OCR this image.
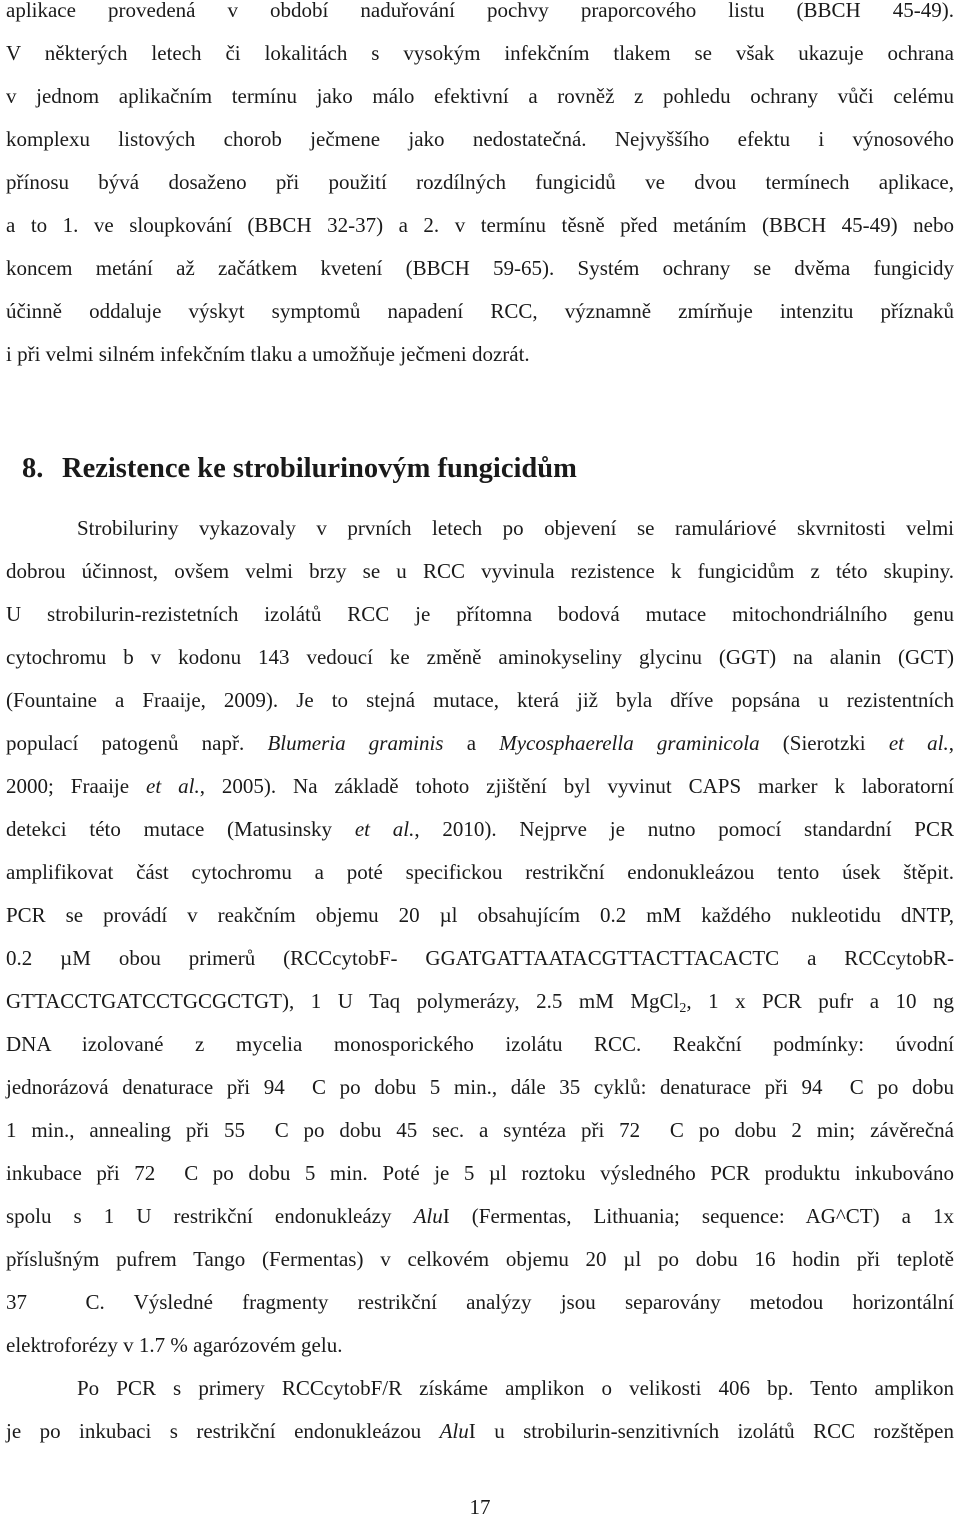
aplikace provedená v období naduřování pochvy praporcového listu (BBCH 45-49).
V některých letech či lokalitách s vysokým infekčním tlakem se však ukazuje ochrana
v jednom aplikačním termínu jako málo efektivní a rovněž z pohledu ochrany vůči celému
komplexu listových chorob ječmene jako nedostatečná. Nejvyššího efektu i výnosového
přínosu bývá dosaženo při použití rozdílných fungicidů ve dvou termínech aplikace,
a to 1. ve sloupkování (BBCH 32-37) a 2. v termínu těsně před metáním (BBCH 45-49) nebo
koncem metání až začátkem kvetení (BBCH 59-65). Systém ochrany se dvěma fungicidy
účinně oddaluje výskyt symptomů napadení RCC, významně zmírňuje intenzitu příznaků
i při velmi silném infekčním tlaku a umožňuje ječmeni dozrát.
8. Rezistence ke strobilurinovým fungicidům
Strobiluriny vykazovaly v prvních letech po objevení se ramuláriové skvrnitosti velmi
dobrou účinnost, ovšem velmi brzy se u RCC vyvinula rezistence k fungicidům z této skupiny.
U strobilurin-rezistetních izolátů RCC je přítomna bodová mutace mitochondriálního genu
cytochromu b v kodonu 143 vedoucí ke změně aminokyseliny glycinu (GGT) na alanin (GCT)
(Fountaine a Fraaije, 2009). Je to stejná mutace, která již byla dříve popsána u rezistentních
populací patogenů např. Blumeria graminis a Mycosphaerella graminicola (Sierotzki et al.,
2000; Fraaije et al., 2005). Na základě tohoto zjištění byl vyvinut CAPS marker k laboratorní
detekci této mutace (Matusinsky et al., 2010). Nejprve je nutno pomocí standardní PCR
amplifikovat část cytochromu a poté specifickou restrikční endonukleázou tento úsek štěpit.
PCR se provádí v reakčním objemu 20 µl obsahujícím 0.2 mM každého nukleotidu dNTP,
0.2 µM obou primerů (RCCcytobF- GGATGATTAATACGTTACTTACACTC a RCCcytobR-
GTTACCTGATCCTGCGCTGT), 1 U Taq polymerázy, 2.5 mM MgCl$_2$, 1 x PCR pufr a 10 ng
DNA izolované z mycelia monosporického izolátu RCC. Reakční podmínky: úvodní
jednorázová denaturace při 94  C po dobu 5 min., dále 35 cyklů: denaturace při 94  C po dobu
1 min., annealing při 55  C po dobu 45 sec. a syntéza při 72  C po dobu 2 min; závěrečná
inkubace při 72  C po dobu 5 min. Poté je 5 µl roztoku výsledného PCR produktu inkubováno
spolu s 1 U restrikční endonukleázy AluI (Fermentas, Lithuania; sequence: AG^CT) a 1x
příslušným pufrem Tango (Fermentas) v celkovém objemu 20 µl po dobu 16 hodin při teplotě
37  C. Výsledné fragmenty restrikční analýzy jsou separovány metodou horizontální
elektroforézy v 1.7 % agarózovém gelu.
Po PCR s primery RCCcytobF/R získáme amplikon o velikosti 406 bp. Tento amplikon
je po inkubaci s restrikční endonukleázou AluI u strobilurin-senzitivních izolátů RCC rozštěpen
17
